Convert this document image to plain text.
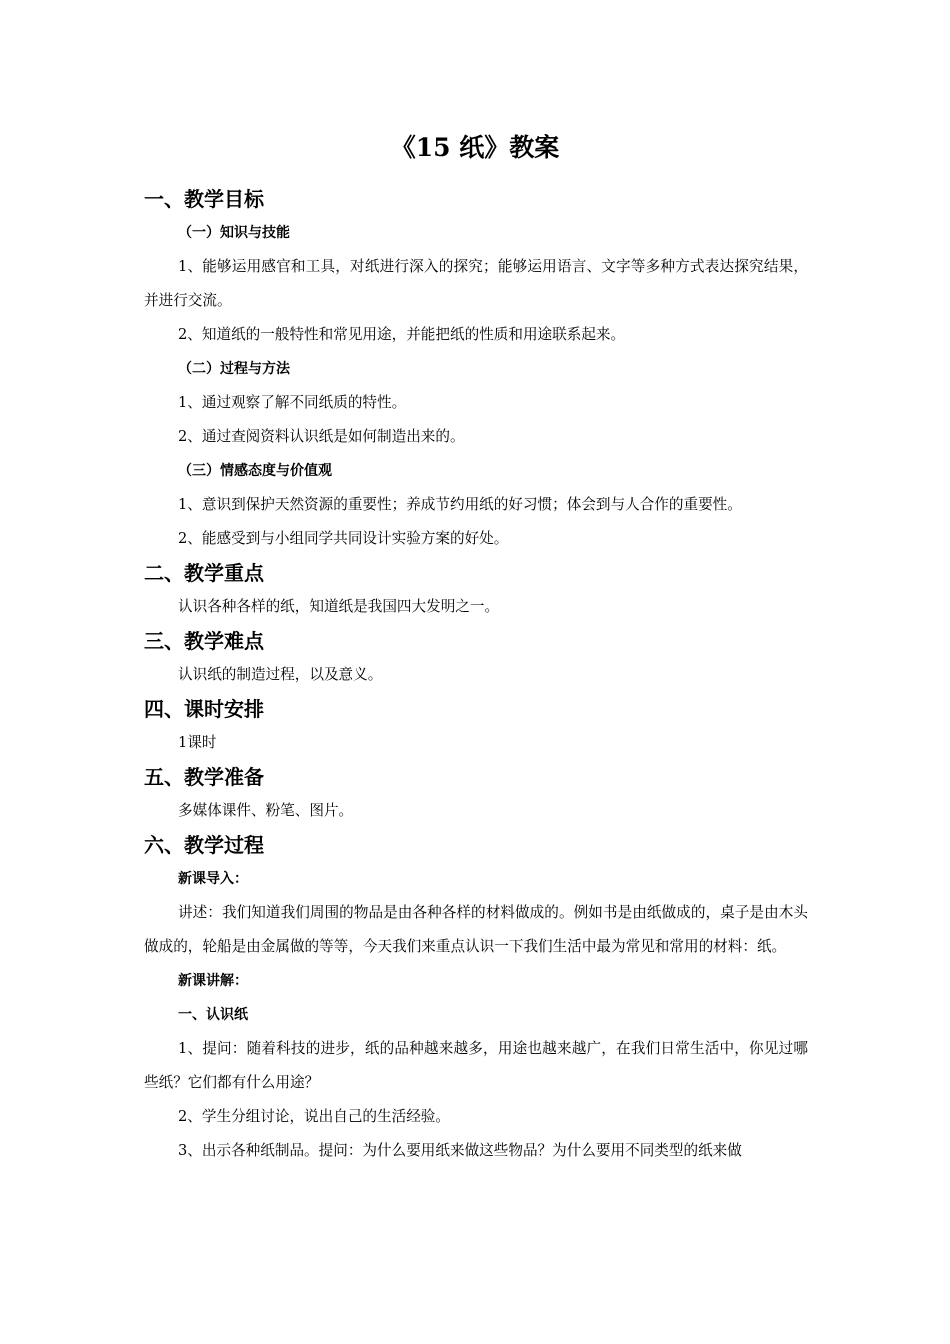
《15 纸》教案
一、教学目标
（一）知识与技能
1、能够运用感官和工具，对纸进行深入的探究；能够运用语言、文字等多种方式表达探究结果，并进行交流。
2、知道纸的一般特性和常见用途，并能把纸的性质和用途联系起来。
（二）过程与方法
1、通过观察了解不同纸质的特性。
2、通过查阅资料认识纸是如何制造出来的。
（三）情感态度与价值观
1、意识到保护天然资源的重要性；养成节约用纸的好习惯；体会到与人合作的重要性。
2、能感受到与小组同学共同设计实验方案的好处。
二、教学重点
认识各种各样的纸，知道纸是我国四大发明之一。
三、教学难点
认识纸的制造过程，以及意义。
四、课时安排
1课时
五、教学准备
多媒体课件、粉笔、图片。
六、教学过程
新课导入：
讲述：我们知道我们周围的物品是由各种各样的材料做成的。例如书是由纸做成的，桌子是由木头做成的，轮船是由金属做的等等，今天我们来重点认识一下我们生活中最为常见和常用的材料：纸。
新课讲解：
一、认识纸
1、提问：随着科技的进步，纸的品种越来越多，用途也越来越广，在我们日常生活中，你见过哪些纸？它们都有什么用途？
2、学生分组讨论，说出自己的生活经验。
3、出示各种纸制品。提问：为什么要用纸来做这些物品？为什么要用不同类型的纸来做
